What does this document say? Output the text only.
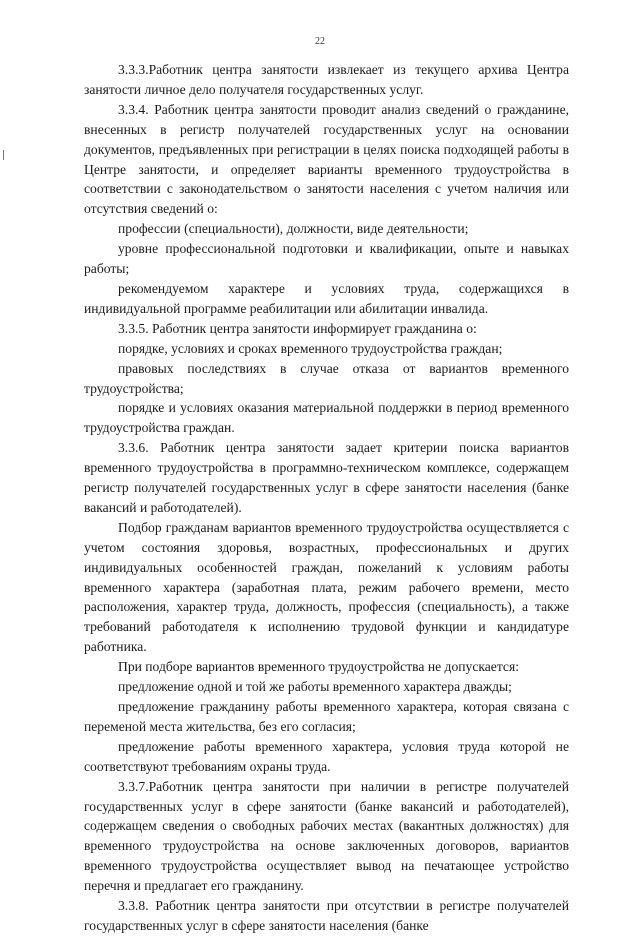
22

3.3.3.Работник центра занятости извлекает из текущего архива Центра занятости личное дело получателя государственных услуг.

3.3.4. Работник центра занятости проводит анализ сведений о гражданине, внесенных в регистр получателей государственных услуг на основании документов, предъявленных при регистрации в целях поиска подходящей работы в Центре занятости, и определяет варианты временного трудоустройства в соответствии с законодательством о занятости населения с учетом наличия или отсутствия сведений о:

профессии (специальности), должности, виде деятельности;

уровне профессиональной подготовки и квалификации, опыте и навыках работы;

рекомендуемом характере и условиях труда, содержащихся в индивидуальной программе реабилитации или абилитации инвалида.

3.3.5. Работник центра занятости информирует гражданина о:

порядке, условиях и сроках временного трудоустройства граждан;

правовых последствиях в случае отказа от вариантов временного трудоустройства;

порядке и условиях оказания материальной поддержки в период временного трудоустройства граждан.

3.3.6. Работник центра занятости задает критерии поиска вариантов временного трудоустройства в программно-техническом комплексе, содержащем регистр получателей государственных услуг в сфере занятости населения (банке вакансий и работодателей).

Подбор гражданам вариантов временного трудоустройства осуществляется с учетом состояния здоровья, возрастных, профессиональных и других индивидуальных особенностей граждан, пожеланий к условиям работы временного характера (заработная плата, режим рабочего времени, место расположения, характер труда, должность, профессия (специальность), а также требований работодателя к исполнению трудовой функции и кандидатуре работника.

При подборе вариантов временного трудоустройства не допускается:

предложение одной и той же работы временного характера дважды;

предложение гражданину работы временного характера, которая связана с переменой места жительства, без его согласия;

предложение работы временного характера, условия труда которой не соответствуют требованиям охраны труда.

3.3.7.Работник центра занятости при наличии в регистре получателей государственных услуг в сфере занятости (банке вакансий и работодателей), содержащем сведения о свободных рабочих местах (вакантных должностях) для временного трудоустройства на основе заключенных договоров, вариантов временного трудоустройства осуществляет вывод на печатающее устройство перечня и предлагает его гражданину.

3.3.8. Работник центра занятости при отсутствии в регистре получателей государственных услуг в сфере занятости населения (банке
